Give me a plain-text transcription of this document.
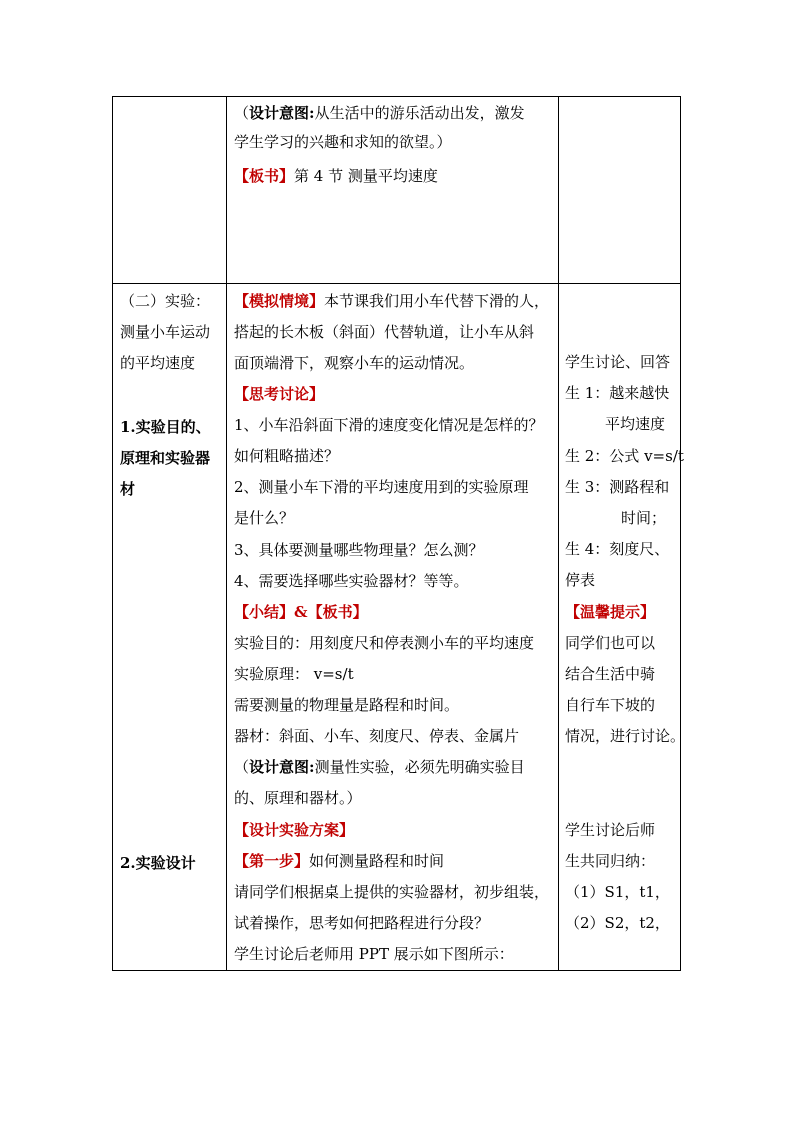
（设计意图:从生活中的游乐活动出发，激发
学生学习的兴趣和求知的欲望。）
【板书】第 4 节 测量平均速度
（二）实验：
测量小车运动
的平均速度
1.实验目的、
原理和实验器
材
2.实验设计
【模拟情境】本节课我们用小车代替下滑的人，
搭起的长木板（斜面）代替轨道，让小车从斜
面顶端滑下，观察小车的运动情况。
【思考讨论】
1、小车沿斜面下滑的速度变化情况是怎样的？
如何粗略描述？
2、测量小车下滑的平均速度用到的实验原理
是什么？
3、具体要测量哪些物理量？怎么测？
4、需要选择哪些实验器材？等等。
【小结】&【板书】
实验目的：用刻度尺和停表测小车的平均速度
实验原理： v=s/t
需要测量的物理量是路程和时间。
器材：斜面、小车、刻度尺、停表、金属片
（设计意图:测量性实验，必须先明确实验目
的、原理和器材。）
【设计实验方案】
【第一步】如何测量路程和时间
请同学们根据桌上提供的实验器材，初步组装，
试着操作，思考如何把路程进行分段？
学生讨论后老师用 PPT 展示如下图所示：
学生讨论、回答
生 1：越来越快
平均速度
生 2：公式 v=s/t
生 3：测路程和
时间；
生 4：刻度尺、
停表
【温馨提示】
同学们也可以
结合生活中骑
自行车下坡的
情况，进行讨论。
学生讨论后师
生共同归纳：
（1）S1，t1，
（2）S2，t2，
